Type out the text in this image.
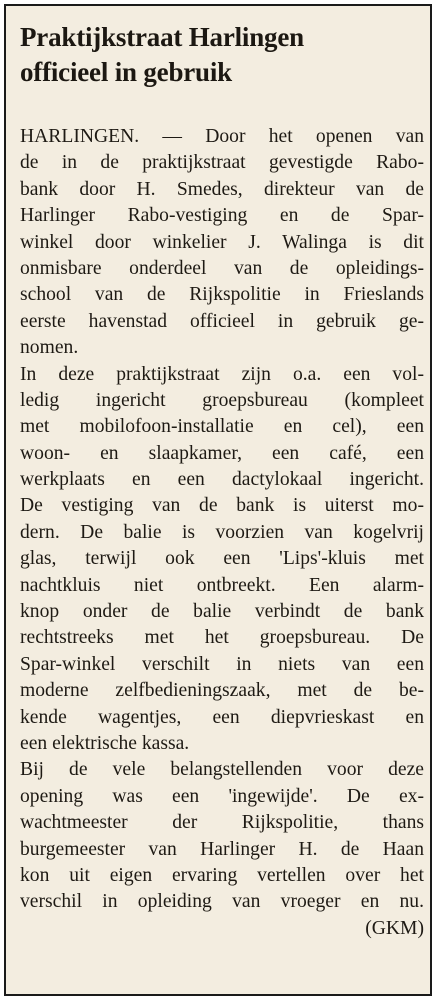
Praktijkstraat Harlingen
officieel in gebruik
HARLINGEN. — Door het openen van
de in de praktijkstraat gevestigde Rabo-
bank door H. Smedes, direkteur van de
Harlinger Rabo-vestiging en de Spar-
winkel door winkelier J. Walinga is dit
onmisbare onderdeel van de opleidings-
school van de Rijkspolitie in Frieslands
eerste havenstad officieel in gebruik ge-
nomen.
In deze praktijkstraat zijn o.a. een vol-
ledig ingericht groepsbureau (kompleet
met mobilofoon-installatie en cel), een
woon- en slaapkamer, een café, een
werkplaats en een dactylokaal ingericht.
De vestiging van de bank is uiterst mo-
dern. De balie is voorzien van kogelvrij
glas, terwijl ook een 'Lips'-kluis met
nachtkluis niet ontbreekt. Een alarm-
knop onder de balie verbindt de bank
rechtstreeks met het groepsbureau. De
Spar-winkel verschilt in niets van een
moderne zelfbedieningszaak, met de be-
kende wagentjes, een diepvrieskast en
een elektrische kassa.
Bij de vele belangstellenden voor deze
opening was een 'ingewijde'. De ex-
wachtmeester der Rijkspolitie, thans
burgemeester van Harlinger H. de Haan
kon uit eigen ervaring vertellen over het
verschil in opleiding van vroeger en nu.
(GKM)
